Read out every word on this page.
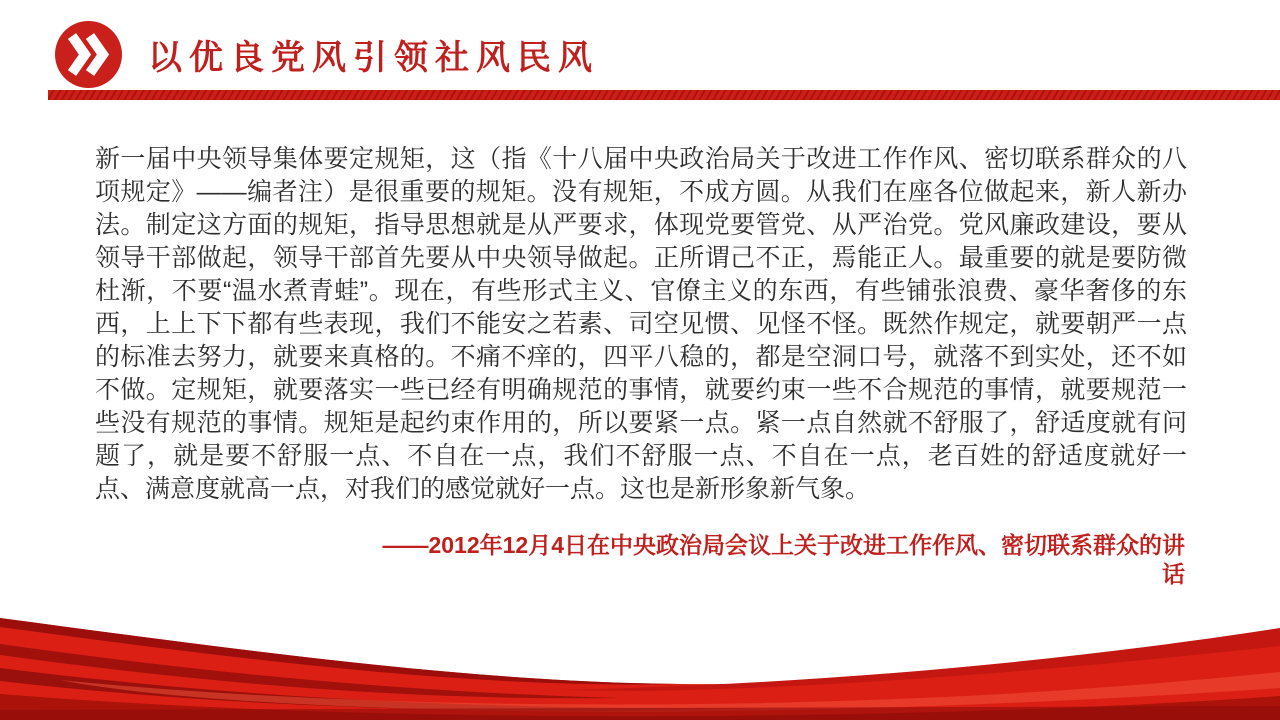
以优良党风引领社风民风

新一届中央领导集体要定规矩，这（指《十八届中央政治局关于改进工作作风、密切联系群众的八项规定》——编者注）是很重要的规矩。没有规矩，不成方圆。从我们在座各位做起来，新人新办法。制定这方面的规矩，指导思想就是从严要求，体现党要管党、从严治党。党风廉政建设，要从领导干部做起，领导干部首先要从中央领导做起。正所谓己不正，焉能正人。最重要的就是要防微杜渐，不要“温水煮青蛙”。现在，有些形式主义、官僚主义的东西，有些铺张浪费、豪华奢侈的东西，上上下下都有些表现，我们不能安之若素、司空见惯、见怪不怪。既然作规定，就要朝严一点的标准去努力，就要来真格的。不痛不痒的，四平八稳的，都是空洞口号，就落不到实处，还不如不做。定规矩，就要落实一些已经有明确规范的事情，就要约束一些不合规范的事情，就要规范一些没有规范的事情。规矩是起约束作用的，所以要紧一点。紧一点自然就不舒服了，舒适度就有问题了，就是要不舒服一点、不自在一点，我们不舒服一点、不自在一点，老百姓的舒适度就好一点、满意度就高一点，对我们的感觉就好一点。这也是新形象新气象。

——2012年12月4日在中央政治局会议上关于改进工作作风、密切联系群众的讲话
